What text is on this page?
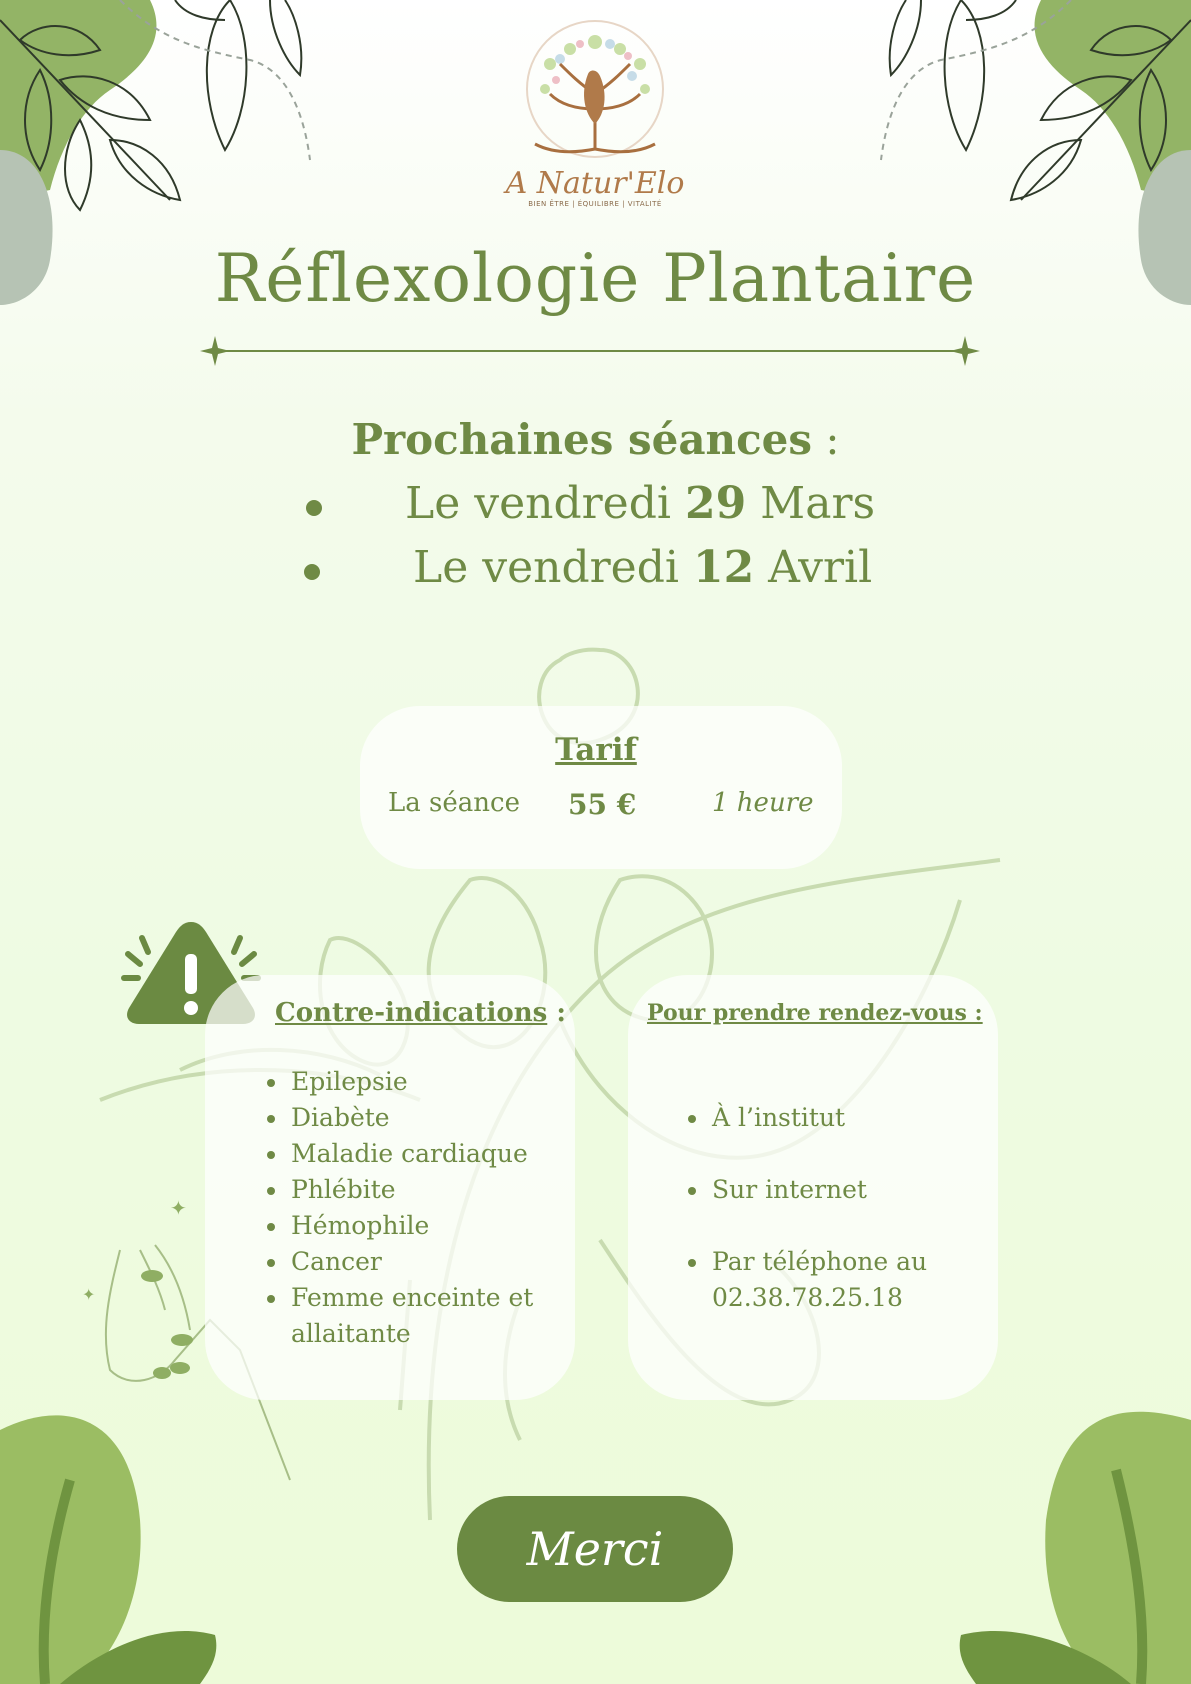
✦
✦
A Natur'Elo
BIEN ÊTRE | ÉQUILIBRE | VITALITÉ
Réflexologie Plantaire
Prochaines séances :
Le vendredi 29 Mars
Le vendredi 12 Avril
Tarif
La séance 55 €	1 heure
Contre-indications :
Epilepsie
Diabète
Maladie cardiaque
Phlébite
Hémophile
Cancer
Femme enceinte et allaitante
Pour prendre rendez-vous :
À l’institut
Sur internet
Par téléphone au 02.38.78.25.18
Merci
